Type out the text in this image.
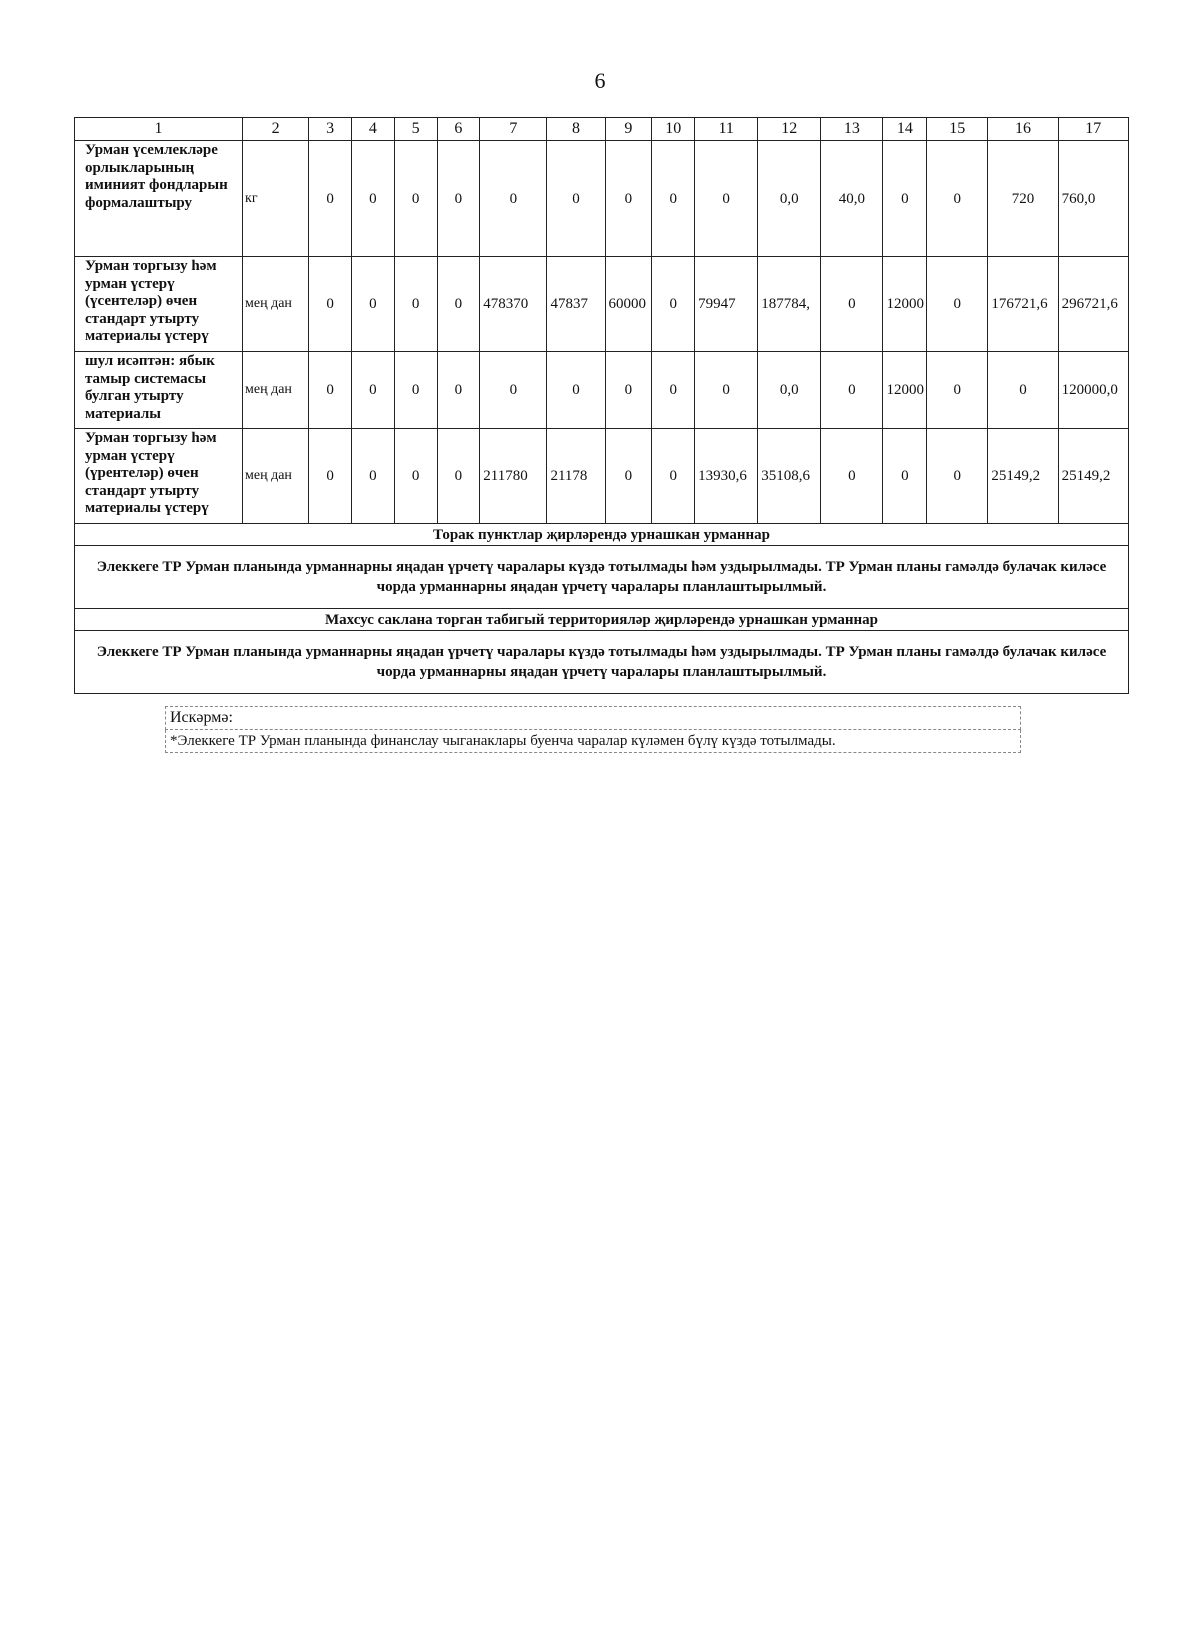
6
1	2	3	4	5	6	7	8	9	10	11	12	13	14	15	16	17
Урман үсемлекләре орлыкларының иминият фондларын формалаштыру	кг	0	0	0	0	0	0	0	0	0	0,0	40,0	0	0	720	760,0
Урман торгызу һәм урман үстерү (үсентеләр) өчен стандарт утырту материалы үстерү	мең дан	0	0	0	0	478370	47837	60000	0	79947	187784,	0	12000	0	176721,6	296721,6
шул исәптән: ябык тамыр системасы булган утырту материалы	мең дан	0	0	0	0	0	0	0	0	0	0,0	0	12000	0	0	120000,0
Урман торгызу һәм урман үстерү (үрентеләр) өчен стандарт утырту материалы үстерү	мең дан	0	0	0	0	211780	21178	0	0	13930,6	35108,6	0	0	0	25149,2	25149,2
Торак пунктлар җирләрендә урнашкан урманнар																
Элеккеге ТР Урман планында урманнарны яңадан үрчетү чаралары күздә тотылмады һәм уздырылмады. ТР Урман планы гамәлдә булачак киләсе чорда урманнарны яңадан үрчетү чаралары планлаштырылмый.																
Махсус саклана торган табигый территорияләр җирләрендә урнашкан урманнар																
Элеккеге ТР Урман планында урманнарны яңадан үрчетү чаралары күздә тотылмады һәм уздырылмады. ТР Урман планы гамәлдә булачак киләсе чорда урманнарны яңадан үрчетү чаралары планлаштырылмый.																
Искәрмә:
*Элеккеге ТР Урман планында финанслау чыганаклары буенча чаралар күләмен бүлү күздә тотылмады.
